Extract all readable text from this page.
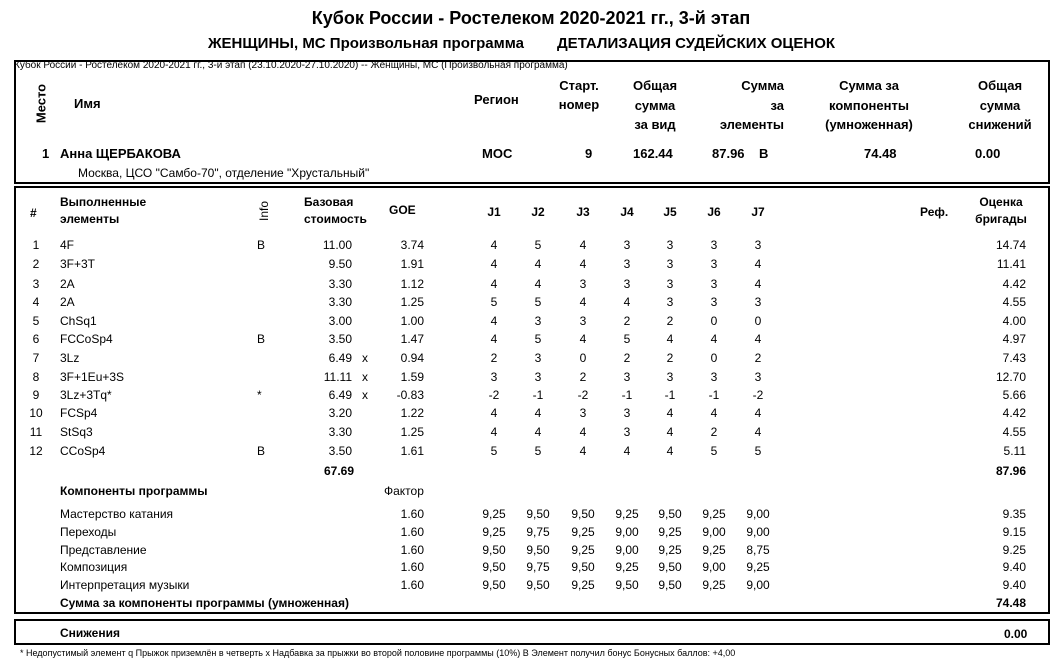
Кубок России - Ростелеком 2020-2021 гг., 3-й этап
ЖЕНЩИНЫ, МС Произвольная программа ДЕТАЛИЗАЦИЯ СУДЕЙСКИХ ОЦЕНОК
Кубок России - Ростелеком 2020-2021 гг., 3-й этап (23.10.2020-27.10.2020) -- Женщины, МС (Произвольная программа)
Место Имя	Регион
Старт.
номер
Общая
сумма
за вид
Сумма
за
элементы
Сумма за
компоненты
(умноженная)
Общая
сумма
снижений
1 Анна ЩЕРБАКОВА	МОС	9	162.44	87.96 B	74.48	0.00
Москва, ЦСО "Самбо-70", отделение "Хрустальный"
#
Выполненные
элементы	Info	Базовая
стоимость
GOE	J1	J2	J3	J4	J5	J6	J7	Реф.
Оценка
бригады
1	4F	B	11.00	3.74	4	5	4	3	3	3	3	14.74
2	3F+3T	9.50	1.91	4	4	4	3	3	3	4	11.41
3	2A	3.30	1.12	4	4	3	3	3	3	4	4.42
4	2A	3.30	1.25	5	5	4	4	3	3	3	4.55
5	ChSq1	3.00	1.00	4	3	3	2	2	0	0	4.00
6	FCCoSp4	B	3.50	1.47	4	5	4	5	4	4	4	4.97
7	3Lz	6.49 x	0.94	2	3	0	2	2	0	2	7.43
8	3F+1Eu+3S	11.11 x	1.59	3	3	2	3	3	3	3	12.70
9	3Lz+3Tq*	*	6.49 x	-0.83	-2	-1	-2	-1	-1	-1	-2	5.66
10 FCSp4	3.20	1.22	4	4	3	3	4	4	4	4.42
11	StSq3	3.30	1.25	4	4	4	3	4	2	4	4.55
12 CCoSp4	B	3.50	1.61	5	5	4	4	4	5	5	5.11
67.69	87.96
Компоненты программы	Фактор
Мастерство катания	1.60	9,25	9,50	9,50	9,25	9,50	9,25	9,00	9.35
Переходы	1.60	9,25	9,75	9,25	9,00	9,25	9,00	9,00	9.15
Представление	1.60	9,50	9,50	9,25	9,00	9,25	9,25	8,75	9.25
Композиция	1.60	9,50	9,75	9,50	9,25	9,50	9,00	9,25	9.40
Интерпретация музыки	1.60	9,50	9,50	9,25	9,50	9,50	9,25	9,00	9.40
Сумма за компоненты программы (умноженная)	74.48
Снижения	0.00
* Недопустимый элемент q Прыжок приземлён в четверть x Надбавка за прыжки во второй половине программы (10%) B Элемент получил бонус Бонусных баллов: +4,00
